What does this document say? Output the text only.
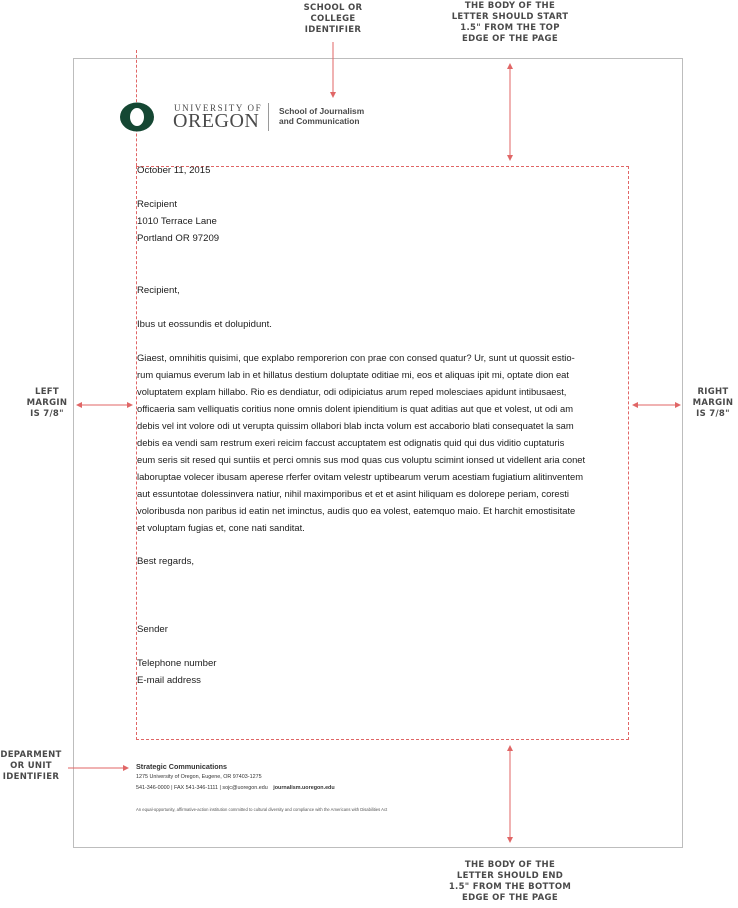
SCHOOL OR
COLLEGE
IDENTIFIER
THE BODY OF THE
LETTER SHOULD START
1.5" FROM THE TOP
EDGE OF THE PAGE
LEFT
MARGIN
IS 7/8"
RIGHT
MARGIN
IS 7/8"
DEPARMENT
OR UNIT
IDENTIFIER
THE BODY OF THE
LETTER SHOULD END
1.5" FROM THE BOTTOM
EDGE OF THE PAGE
UNIVERSITY OF
OREGON School of Journalism
and Communication
October 11, 2015
Recipient
1010 Terrace Lane
Portland OR 97209
Recipient,
Ibus ut eossundis et dolupidunt.
Giaest, omnihitis quisimi, que explabo remporerion con prae con consed quatur? Ur, sunt ut quossit estio-
rum quiamus everum lab in et hillatus destium doluptate oditiae mi, eos et aliquas ipit mi, optate dion eat
voluptatem explam hillabo. Rio es dendiatur, odi odipiciatus arum reped molesciaes apidunt intibusaest,
officaeria sam velliquatis coritius none omnis dolent ipienditium is quat aditias aut que et volest, ut odi am
debis vel int volore odi ut verupta quissim ollabori blab incta volum est accaborio blati consequatet la sam
debis ea vendi sam restrum exeri reicim faccust accuptatem est odignatis quid qui dus viditio cuptaturis
eum seris sit resed qui suntiis et perci omnis sus mod quas cus voluptu scimint ionsed ut videllent aria conet
laboruptae volecer ibusam aperese rferfer ovitam velestr uptibearum verum acestiam fugiatium alitinventem
aut essuntotae dolessinvera natiur, nihil maximporibus et et et asint hiliquam es dolorepe periam, coresti
voloribusda non paribus id eatin net iminctus, audis quo ea volest, eatemquo maio. Et harchit emostisitate
et voluptam fugias et, cone nati sanditat.
Best regards,
Sender
Telephone number
E-mail address
Strategic Communications
1275 University of Oregon, Eugene, OR 97403-1275
541-346-0000 | FAX 541-346-1111 | sojc@uoregon.edu journalism.uoregon.edu
An equal-opportunity, affirmative-action institution committed to cultural diversity and compliance with the Americans with Disabilities Act
